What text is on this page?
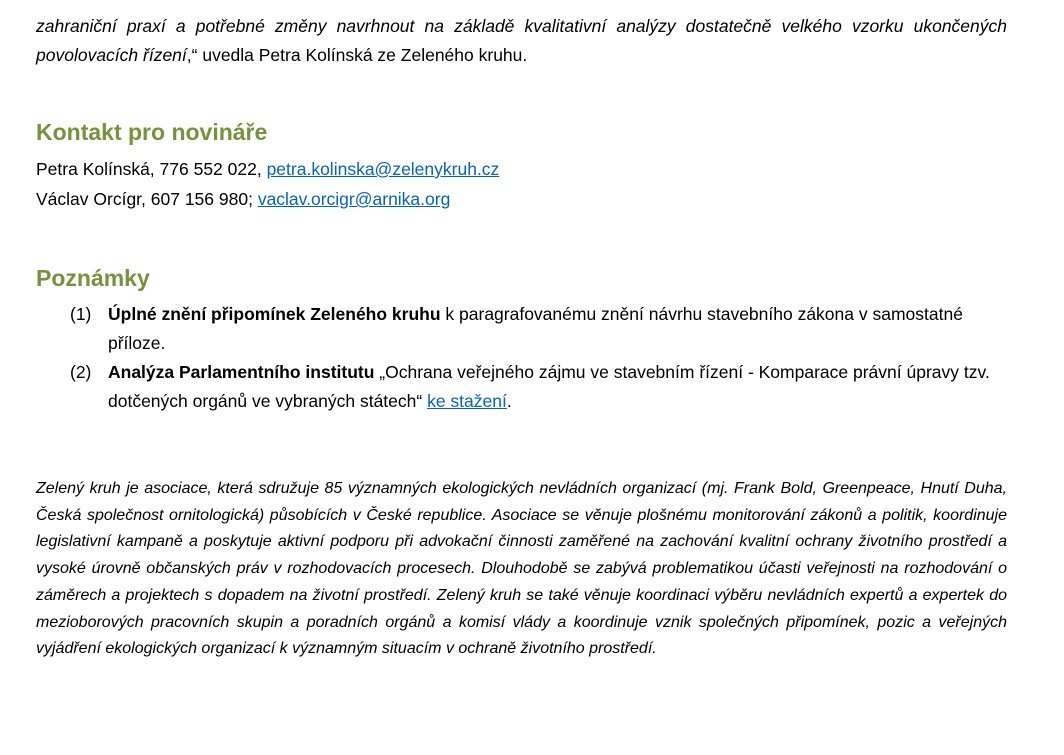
zahraniční praxí a potřebné změny navrhnout na základě kvalitativní analýzy dostatečně velkého vzorku ukončených povolovacích řízení,“ uvedla Petra Kolínská ze Zeleného kruhu.

Kontakt pro novináře

Petra Kolínská, 776 552 022, petra.kolinska@zelenykruh.cz

Václav Orcígr, 607 156 980; vaclav.orcigr@arnika.org

Poznámky

(1) Úplné znění připomínek Zeleného kruhu k paragrafovanému znění návrhu stavebního zákona v samostatné příloze.

(2) Analýza Parlamentního institutu „Ochrana veřejného zájmu ve stavebním řízení - Komparace právní úpravy tzv. dotčených orgánů ve vybraných státech“ ke stažení.

Zelený kruh je asociace, která sdružuje 85 významných ekologických nevládních organizací (mj. Frank Bold, Greenpeace, Hnutí Duha, Česká společnost ornitologická) působících v České republice. Asociace se věnuje plošnému monitorování zákonů a politik, koordinuje legislativní kampaně a poskytuje aktivní podporu při advokační činnosti zaměřené na zachování kvalitní ochrany životního prostředí a vysoké úrovně občanských práv v rozhodovacích procesech. Dlouhodobě se zabývá problematikou účasti veřejnosti na rozhodování o záměrech a projektech s dopadem na životní prostředí. Zelený kruh se také věnuje koordinaci výběru nevládních expertů a expertek do mezioborových pracovních skupin a poradních orgánů a komisí vlády a koordinuje vznik společných připomínek, pozic a veřejných vyjádření ekologických organizací k významným situacím v ochraně životního prostředí.
